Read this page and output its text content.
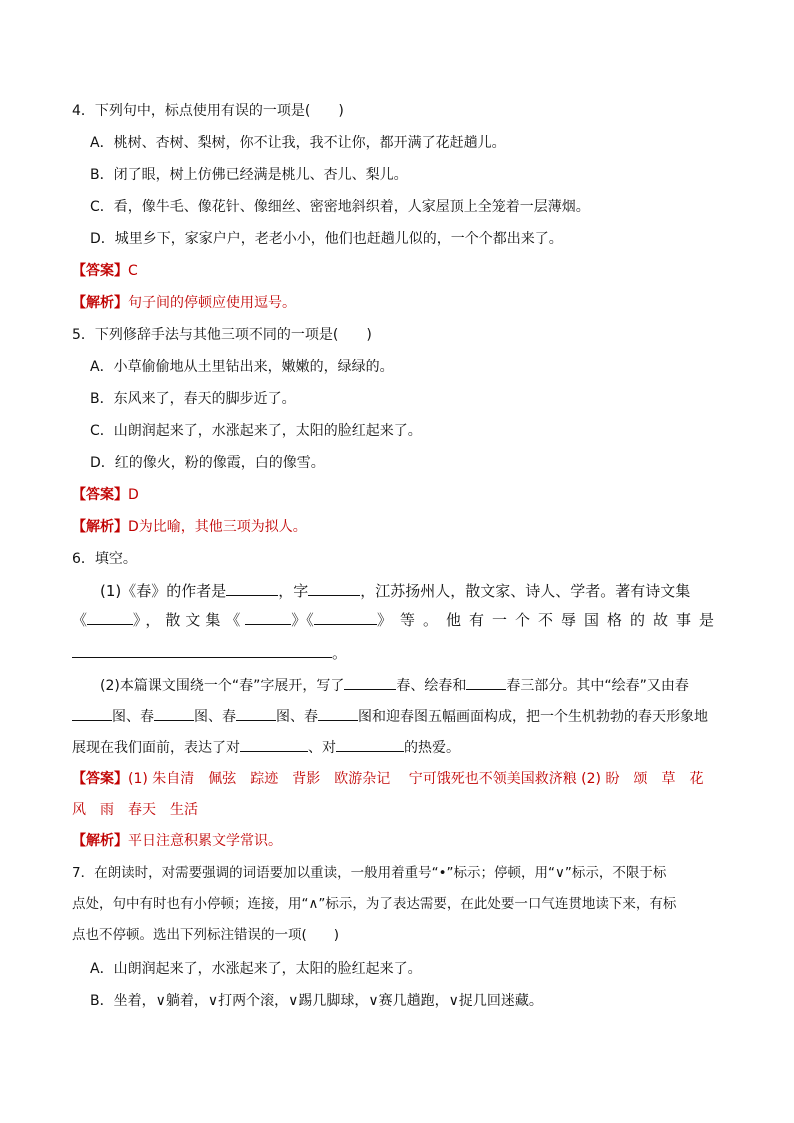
4．下列句中，标点使用有误的一项是(　　)
A．桃树、杏树、梨树，你不让我，我不让你，都开满了花赶趟儿。
B．闭了眼，树上仿佛已经满是桃儿、杏儿、梨儿。
C．看，像牛毛、像花针、像细丝、密密地斜织着，人家屋顶上全笼着一层薄烟。
D．城里乡下，家家户户，老老小小，他们也赶趟儿似的，一个个都出来了。
【答案】C
【解析】句子间的停顿应使用逗号。
5．下列修辞手法与其他三项不同的一项是(　　)
A．小草偷偷地从土里钻出来，嫩嫩的，绿绿的。
B．东风来了，春天的脚步近了。
C．山朗润起来了，水涨起来了，太阳的脸红起来了。
D．红的像火，粉的像霞，白的像雪。
【答案】D
【解析】D为比喻，其他三项为拟人。
6．填空。
(1)《春》的作者是	，字	，江苏扬州人，散文家、诗人、学者。著有诗文集
《	》，散文集《	》《	》等。他有一个不辱国格的故事是
。
(2)本篇课文围绕一个“春”字展开，写了	春、绘春和	春三部分。其中“绘春”又由春
图、春	图、春	图、春	图和迎春图五幅画面构成，把一个生机勃勃的春天形象地
展现在我们面前，表达了对	、对	的热爱。
【答案】(1) 朱自清　佩弦　踪迹　背影　欧游杂记　 宁可饿死也不领美国救济粮 (2) 盼　颂　草　花
风　雨　春天　生活
【解析】平日注意积累文学常识。
7．在朗读时，对需要强调的词语要加以重读，一般用着重号“•”标示；停顿，用“∨”标示，不限于标
点处，句中有时也有小停顿；连接，用“∧”标示，为了表达需要，在此处要一口气连贯地读下来，有标
点也不停顿。选出下列标注错误的一项(　　)
A．山朗润起来了，水涨起来了，太阳的脸红起来了。
B．坐着，∨躺着，∨打两个滚，∨踢几脚球，∨赛几趟跑，∨捉几回迷藏。
